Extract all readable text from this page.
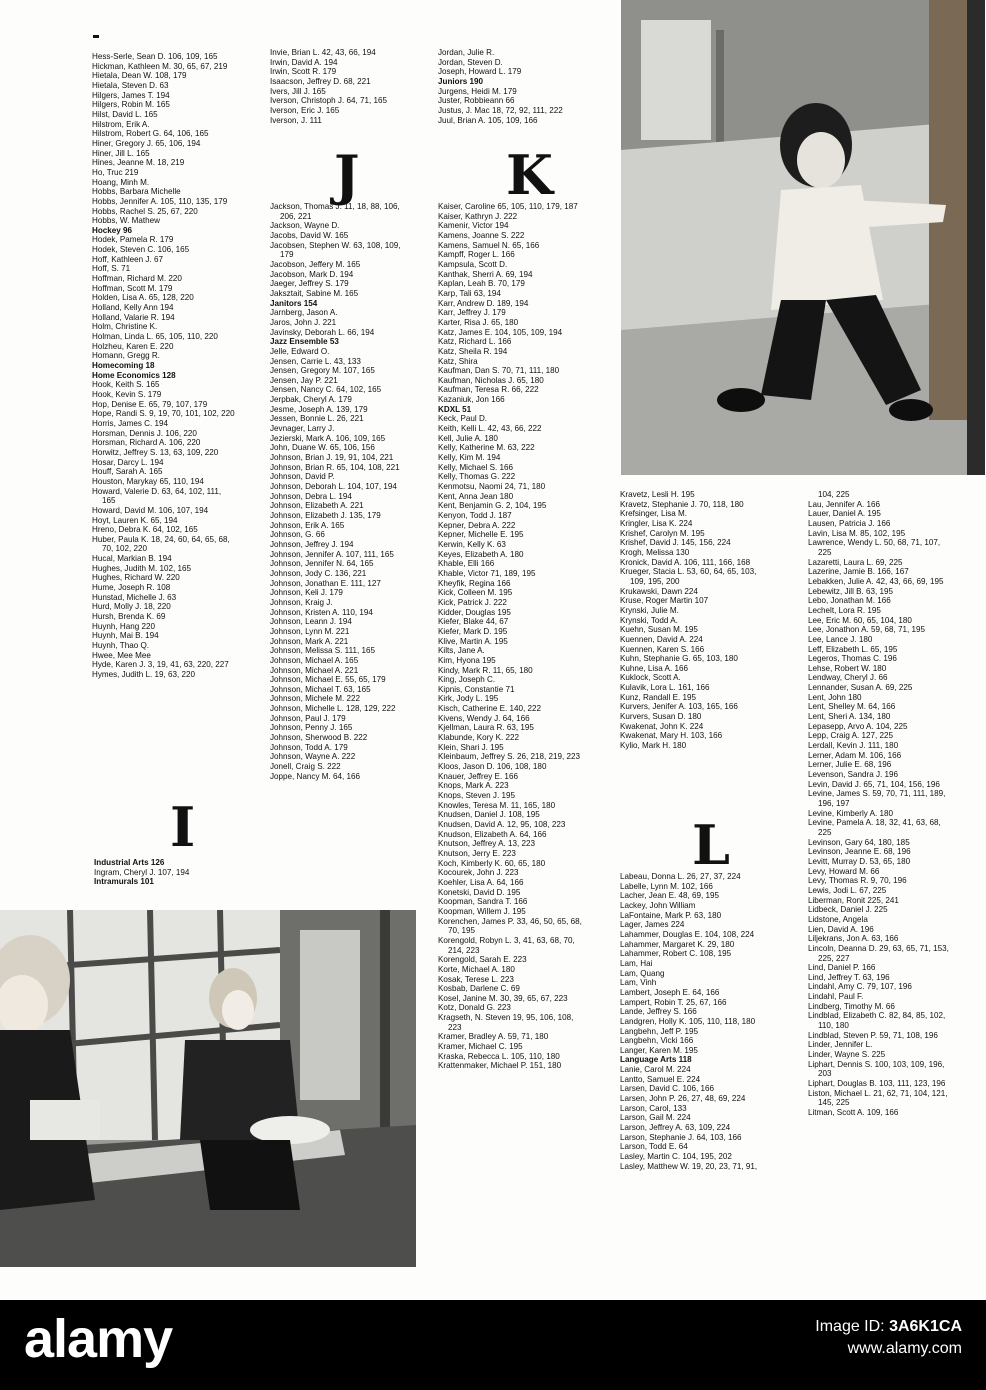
Hess-Serle, Sean D. 106, 109, 165
Hickman, Kathleen M. 30, 65, 67, 219
Hietala, Dean W. 108, 179
Hietala, Steven D. 63
Hilgers, James T. 194
Hilgers, Robin M. 165
Hilst, David L. 165
Hilstrom, Erik A.
Hilstrom, Robert G. 64, 106, 165
Hiner, Gregory J. 65, 106, 194
Hiner, Jill L. 165
Hines, Jeanne M. 18, 219
Ho, Truc 219
Hoang, Minh M.
Hobbs, Barbara Michelle
Hobbs, Jennifer A. 105, 110, 135, 179
Hobbs, Rachel S. 25, 67, 220
Hobbs, W. Mathew
Hockey 96
Hodek, Pamela R. 179
Hodek, Steven C. 106, 165
Hoff, Kathleen J. 67
Hoff, S. 71
Hoffman, Richard M. 220
Hoffman, Scott M. 179
Holden, Lisa A. 65, 128, 220
Holland, Kelly Ann 194
Holland, Valarie R. 194
Holm, Christine K.
Holman, Linda L. 65, 105, 110, 220
Holzheu, Karen E. 220
Homann, Gregg R.
Homecoming 18
Home Economics 128
Hook, Keith S. 165
Hook, Kevin S. 179
Hop, Denise E. 65, 79, 107, 179
Hope, Randi S. 9, 19, 70, 101, 102, 220
Horris, James C. 194
Horsman, Dennis J. 106, 220
Horsman, Richard A. 106, 220
Horwitz, Jeffrey S. 13, 63, 109, 220
Hosar, Darcy L. 194
Houff, Sarah A. 165
Houston, Marykay 65, 110, 194
Howard, Valerie D. 63, 64, 102, 111,
165
Howard, David M. 106, 107, 194
Hoyt, Lauren K. 65, 194
Hreno, Debra K. 64, 102, 165
Huber, Paula K. 18, 24, 60, 64, 65, 68,
70, 102, 220
Hucal, Markian B. 194
Hughes, Judith M. 102, 165
Hughes, Richard W. 220
Hume, Joseph R. 108
Hunstad, Michelle J. 63
Hurd, Molly J. 18, 220
Hursh, Brenda K. 69
Huynh, Hang 220
Huynh, Mai B. 194
Huynh, Thao Q.
Hwee, Mee Mee
Hyde, Karen J. 3, 19, 41, 63, 220, 227
Hymes, Judith L. 19, 63, 220
I
Industrial Arts 126
Ingram, Cheryl J. 107, 194
Intramurals 101
Invie, Brian L. 42, 43, 66, 194
Irwin, David A. 194
Irwin, Scott R. 179
Isaacson, Jeffrey D. 68, 221
Ivers, Jill J. 165
Iverson, Christoph J. 64, 71, 165
Iverson, Eric J. 165
Iverson, J. 111
J
Jackson, Thomas J. 11, 18, 88, 106,
206, 221
Jackson, Wayne D.
Jacobs, David W. 165
Jacobsen, Stephen W. 63, 108, 109,
179
Jacobson, Jeffery M. 165
Jacobson, Mark D. 194
Jaeger, Jeffrey S. 179
Jaksztait, Sabine M. 165
Janitors 154
Jarnberg, Jason A.
Jaros, John J. 221
Javinsky, Deborah L. 66, 194
Jazz Ensemble 53
Jelle, Edward O.
Jensen, Carrie L. 43, 133
Jensen, Gregory M. 107, 165
Jensen, Jay P. 221
Jensen, Nancy C. 64, 102, 165
Jerpbak, Cheryl A. 179
Jesme, Joseph A. 139, 179
Jessen, Bonnie L. 26, 221
Jevnager, Larry J.
Jezierski, Mark A. 106, 109, 165
John, Duane W. 65, 106, 156
Johnson, Brian J. 19, 91, 104, 221
Johnson, Brian R. 65, 104, 108, 221
Johnson, David P.
Johnson, Deborah L. 104, 107, 194
Johnson, Debra L. 194
Johnson, Elizabeth A. 221
Johnson, Elizabeth J. 135, 179
Johnson, Erik A. 165
Johnson, G. 66
Johnson, Jeffrey J. 194
Johnson, Jennifer A. 107, 111, 165
Johnson, Jennifer N. 64, 165
Johnson, Jody C. 136, 221
Johnson, Jonathan E. 111, 127
Johnson, Keli J. 179
Johnson, Kraig J.
Johnson, Kristen A. 110, 194
Johnson, Leann J. 194
Johnson, Lynn M. 221
Johnson, Mark A. 221
Johnson, Melissa S. 111, 165
Johnson, Michael A. 165
Johnson, Michael A. 221
Johnson, Michael E. 55, 65, 179
Johnson, Michael T. 63, 165
Johnson, Michele M. 222
Johnson, Michelle L. 128, 129, 222
Johnson, Paul J. 179
Johnson, Penny J. 165
Johnson, Sherwood B. 222
Johnson, Todd A. 179
Johnson, Wayne A. 222
Jonell, Craig S. 222
Joppe, Nancy M. 64, 166
Jordan, Julie R.
Jordan, Steven D.
Joseph, Howard L. 179
Juniors 190
Jurgens, Heidi M. 179
Juster, Robbieann 66
Justus, J. Mac 18, 72, 92, 111, 222
Juul, Brian A. 105, 109, 166
K
Kaiser, Caroline 65, 105, 110, 179, 187
Kaiser, Kathryn J. 222
Kamenir, Victor 194
Kamens, Joanne S. 222
Kamens, Samuel N. 65, 166
Kampff, Roger L. 166
Kampsula, Scott D.
Kanthak, Sherri A. 69, 194
Kaplan, Leah B. 70, 179
Karp, Tali 63, 194
Karr, Andrew D. 189, 194
Karr, Jeffrey J. 179
Karter, Risa J. 65, 180
Katz, James E. 104, 105, 109, 194
Katz, Richard L. 166
Katz, Sheila R. 194
Katz, Shira
Kaufman, Dan S. 70, 71, 111, 180
Kaufman, Nicholas J. 65, 180
Kaufman, Teresa R. 66, 222
Kazaniuk, Jon 166
KDXL 51
Keck, Paul D.
Keith, Kelli L. 42, 43, 66, 222
Kell, Julie A. 180
Kelly, Katherine M. 63, 222
Kelly, Kim M. 194
Kelly, Michael S. 166
Kelly, Thomas G. 222
Kenmotsu, Naomi 24, 71, 180
Kent, Anna Jean 180
Kent, Benjamin G. 2, 104, 195
Kenyon, Todd J. 187
Kepner, Debra A. 222
Kepner, Michelle E. 195
Kerwin, Kelly K. 63
Keyes, Elizabeth A. 180
Khable, Elli 166
Khable, Victor 71, 189, 195
Kheyfik, Regina 166
Kick, Colleen M. 195
Kick, Patrick J. 222
Kidder, Douglas 195
Kiefer, Blake 44, 67
Kiefer, Mark D. 195
Klive, Martin A. 195
Kilts, Jane A.
Kim, Hyona 195
Kindy, Mark R. 11, 65, 180
King, Joseph C.
Kipnis, Constantie 71
Kirk, Jody L. 195
Kisch, Catherine E. 140, 222
Kivens, Wendy J. 64, 166
Kjellman, Laura R. 63, 195
Klabunde, Kory K. 222
Klein, Shari J. 195
Kleinbaum, Jeffrey S. 26, 218, 219, 223
Kloos, Jason D. 106, 108, 180
Knauer, Jeffrey E. 166
Knops, Mark A. 223
Knops, Steven J. 195
Knowles, Teresa M. 11, 165, 180
Knudsen, Daniel J. 108, 195
Knudsen, David A. 12, 95, 108, 223
Knudson, Elizabeth A. 64, 166
Knutson, Jeffrey A. 13, 223
Knutson, Jerry E. 223
Koch, Kimberly K. 60, 65, 180
Kocourek, John J. 223
Koehler, Lisa A. 64, 166
Konetski, David D. 195
Koopman, Sandra T. 166
Koopman, Willem J. 195
Korenchen, James P. 33, 46, 50, 65, 68,
70, 195
Korengold, Robyn L. 3, 41, 63, 68, 70,
214, 223
Korengold, Sarah E. 223
Korte, Michael A. 180
Kosak, Terese L. 223
Kosbab, Darlene C. 69
Kosel, Janine M. 30, 39, 65, 67, 223
Kotz, Donald G. 223
Kragseth, N. Steven 19, 95, 106, 108,
223
Kramer, Bradley A. 59, 71, 180
Kramer, Michael C. 195
Kraska, Rebecca L. 105, 110, 180
Krattenmaker, Michael P. 151, 180
Kravetz, Lesli H. 195
Kravetz, Stephanie J. 70, 118, 180
Krefsinger, Lisa M.
Kringler, Lisa K. 224
Krishef, Carolyn M. 195
Krishef, David J. 145, 156, 224
Krogh, Melissa 130
Kronick, David A. 106, 111, 166, 168
Krueger, Stacia L. 53, 60, 64, 65, 103,
109, 195, 200
Krukawski, Dawn 224
Kruse, Roger Martin 107
Krynski, Julie M.
Krynski, Todd A.
Kuehn, Susan M. 195
Kuennen, David A. 224
Kuennen, Karen S. 166
Kuhn, Stephanie G. 65, 103, 180
Kuhne, Lisa A. 166
Kuklock, Scott A.
Kulavik, Lora L. 161, 166
Kunz, Randall E. 195
Kurvers, Jenifer A. 103, 165, 166
Kurvers, Susan D. 180
Kwakenat, John K. 224
Kwakenat, Mary H. 103, 166
Kylio, Mark H. 180
L
Labeau, Donna L. 26, 27, 37, 224
Labelle, Lynn M. 102, 166
Lacher, Jean E. 48, 69, 195
Lackey, John William
LaFontaine, Mark P. 63, 180
Lager, James 224
Lahammer, Douglas E. 104, 108, 224
Lahammer, Margaret K. 29, 180
Lahammer, Robert C. 108, 195
Lam, Hai
Lam, Quang
Lam, Vinh
Lambert, Joseph E. 64, 166
Lampert, Robin T. 25, 67, 166
Lande, Jeffrey S. 166
Landgren, Holly K. 105, 110, 118, 180
Langbehn, Jeff P. 195
Langbehn, Vicki 166
Langer, Karen M. 195
Language Arts 118
Lanie, Carol M. 224
Lantto, Samuel E. 224
Larsen, David C. 106, 166
Larsen, John P. 26, 27, 48, 69, 224
Larson, Carol, 133
Larson, Gail M. 224
Larson, Jeffrey A. 63, 109, 224
Larson, Stephanie J. 64, 103, 166
Larson, Todd E. 64
Lasley, Martin C. 104, 195, 202
Lasley, Matthew W. 19, 20, 23, 71, 91,
104, 225
Lau, Jennifer A. 166
Lauer, Daniel A. 195
Lausen, Patricia J. 166
Lavin, Lisa M. 85, 102, 195
Lawrence, Wendy L. 50, 68, 71, 107,
225
Lazaretti, Laura L. 69, 225
Lazerine, Jamie B. 166, 167
Lebakken, Julie A. 42, 43, 66, 69, 195
Lebewitz, Jill B. 63, 195
Lebo, Jonathan M. 166
Lechelt, Lora R. 195
Lee, Eric M. 60, 65, 104, 180
Lee, Jonathon A. 59, 68, 71, 195
Lee, Lance J. 180
Leff, Elizabeth L. 65, 195
Legeros, Thomas C. 196
Lehse, Robert W. 180
Lendway, Cheryl J. 66
Lennander, Susan A. 69, 225
Lent, John 180
Lent, Shelley M. 64, 166
Lent, Sheri A. 134, 180
Lepasepp, Arvo A. 104, 225
Lepp, Craig A. 127, 225
Lerdall, Kevin J. 111, 180
Lerner, Adam M. 106, 166
Lerner, Julie E. 68, 196
Levenson, Sandra J. 196
Levin, David J. 65, 71, 104, 156, 196
Levine, James S. 59, 70, 71, 111, 189,
196, 197
Levine, Kimberly A. 180
Levine, Pamela A. 18, 32, 41, 63, 68,
225
Levinson, Gary 64, 180, 185
Levinson, Jeanne E. 68, 196
Levitt, Murray D. 53, 65, 180
Levy, Howard M. 66
Levy, Thomas R. 9, 70, 196
Lewis, Jodi L. 67, 225
Liberman, Ronit 225, 241
Lidbeck, Daniel J. 225
Lidstone, Angela
Lien, David A. 196
Liljekrans, Jon A. 63, 166
Lincoln, Deanna D. 29, 63, 65, 71, 153,
225, 227
Lind, Daniel P. 166
Lind, Jeffrey T. 63, 196
Lindahl, Amy C. 79, 107, 196
Lindahl, Paul F.
Lindberg, Timothy M. 66
Lindblad, Elizabeth C. 82, 84, 85, 102,
110, 180
Lindblad, Steven P. 59, 71, 108, 196
Linder, Jennifer L.
Linder, Wayne S. 225
Liphart, Dennis S. 100, 103, 109, 196,
203
Liphart, Douglas B. 103, 111, 123, 196
Liston, Michael L. 21, 62, 71, 104, 121,
145, 225
Litman, Scott A. 109, 166
alamy	Image ID: 3A6K1CA
www.alamy.com
